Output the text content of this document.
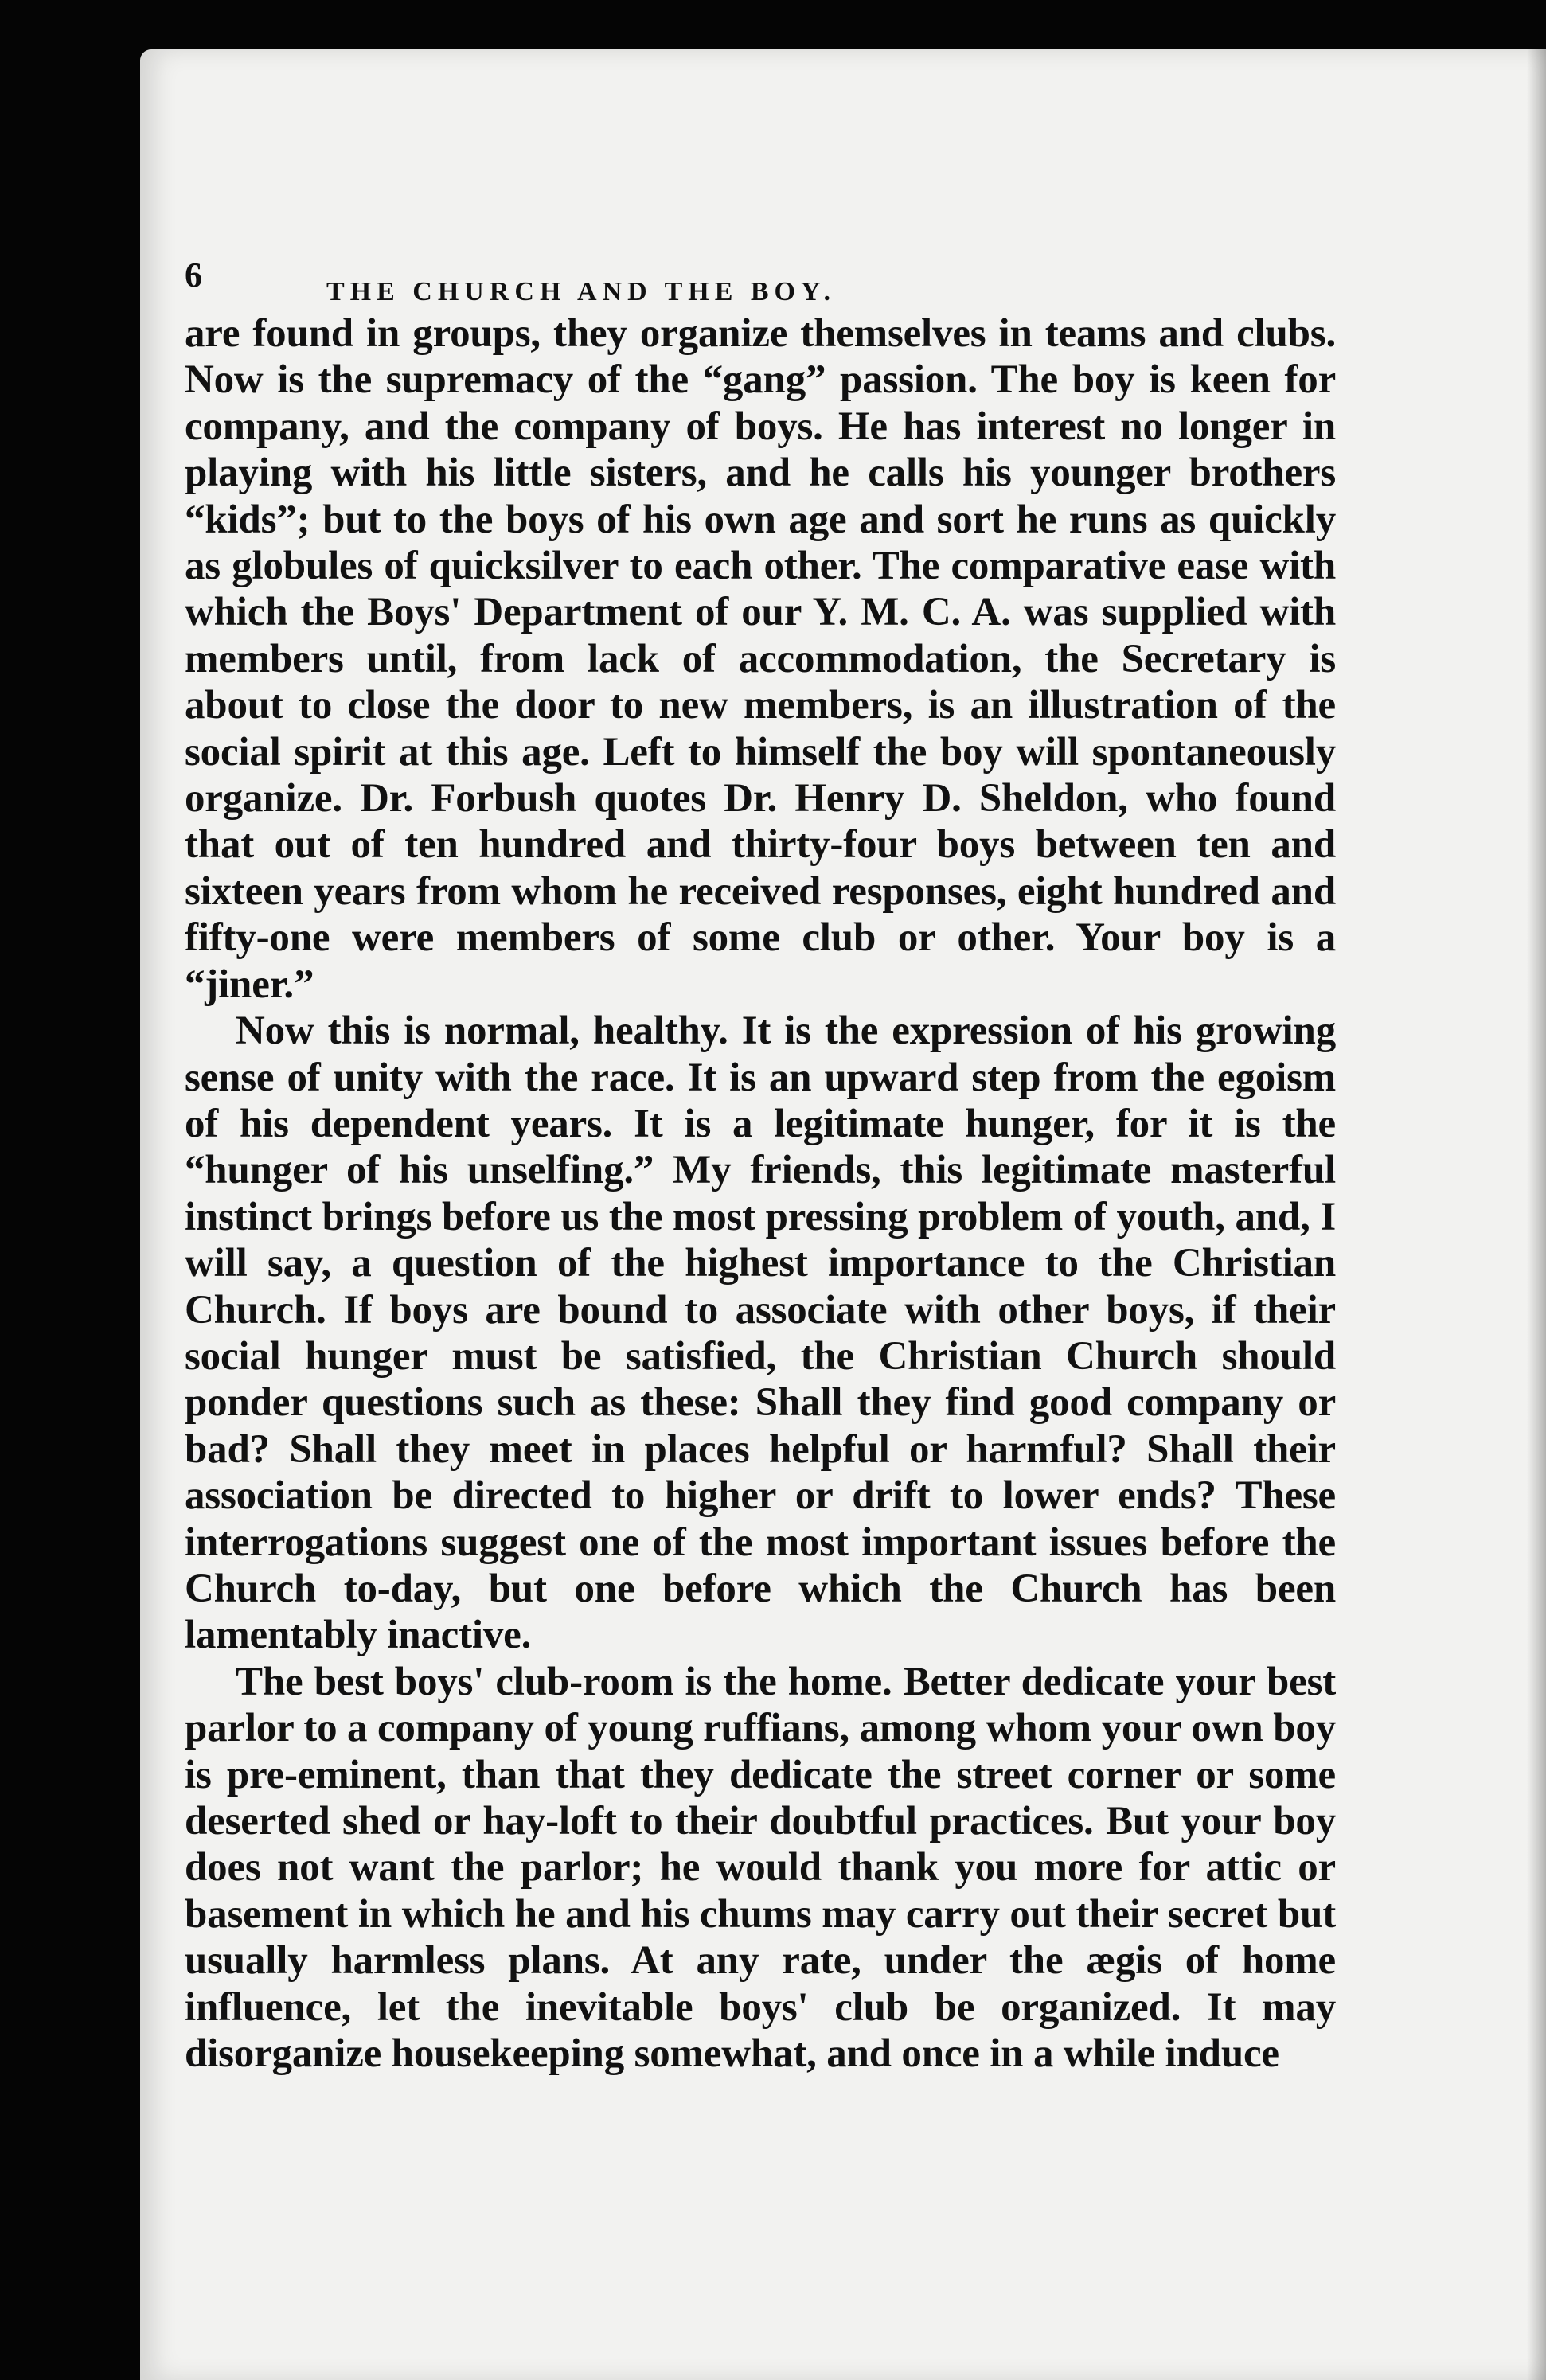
6	THE CHURCH AND THE BOY.

are found in groups, they organize themselves in teams and clubs. Now is the supremacy of the “gang” passion. The boy is keen for company, and the company of boys. He has interest no longer in playing with his little sisters, and he calls his younger brothers “kids”; but to the boys of his own age and sort he runs as quickly as globules of quicksilver to each other. The comparative ease with which the Boys' Department of our Y. M. C. A. was supplied with members until, from lack of accommodation, the Secretary is about to close the door to new members, is an illustration of the social spirit at this age. Left to himself the boy will spontaneously organize. Dr. Forbush quotes Dr. Henry D. Sheldon, who found that out of ten hundred and thirty-four boys between ten and sixteen years from whom he received responses, eight hundred and fifty-one were members of some club or other. Your boy is a “jiner.”

Now this is normal, healthy. It is the expression of his growing sense of unity with the race. It is an upward step from the egoism of his dependent years. It is a legitimate hunger, for it is the “hunger of his unselfing.” My friends, this legitimate masterful instinct brings before us the most pressing problem of youth, and, I will say, a question of the highest importance to the Christian Church. If boys are bound to associate with other boys, if their social hunger must be satisfied, the Christian Church should ponder questions such as these: Shall they find good company or bad? Shall they meet in places helpful or harmful? Shall their association be directed to higher or drift to lower ends? These interrogations suggest one of the most important issues before the Church to-day, but one before which the Church has been lamentably inactive.

The best boys' club-room is the home. Better dedicate your best parlor to a company of young ruffians, among whom your own boy is pre-eminent, than that they dedicate the street corner or some deserted shed or hay-loft to their doubtful practices. But your boy does not want the parlor; he would thank you more for attic or basement in which he and his chums may carry out their secret but usually harmless plans. At any rate, under the ægis of home influence, let the inevitable boys' club be organized. It may disorganize housekeeping somewhat, and once in a while induce
